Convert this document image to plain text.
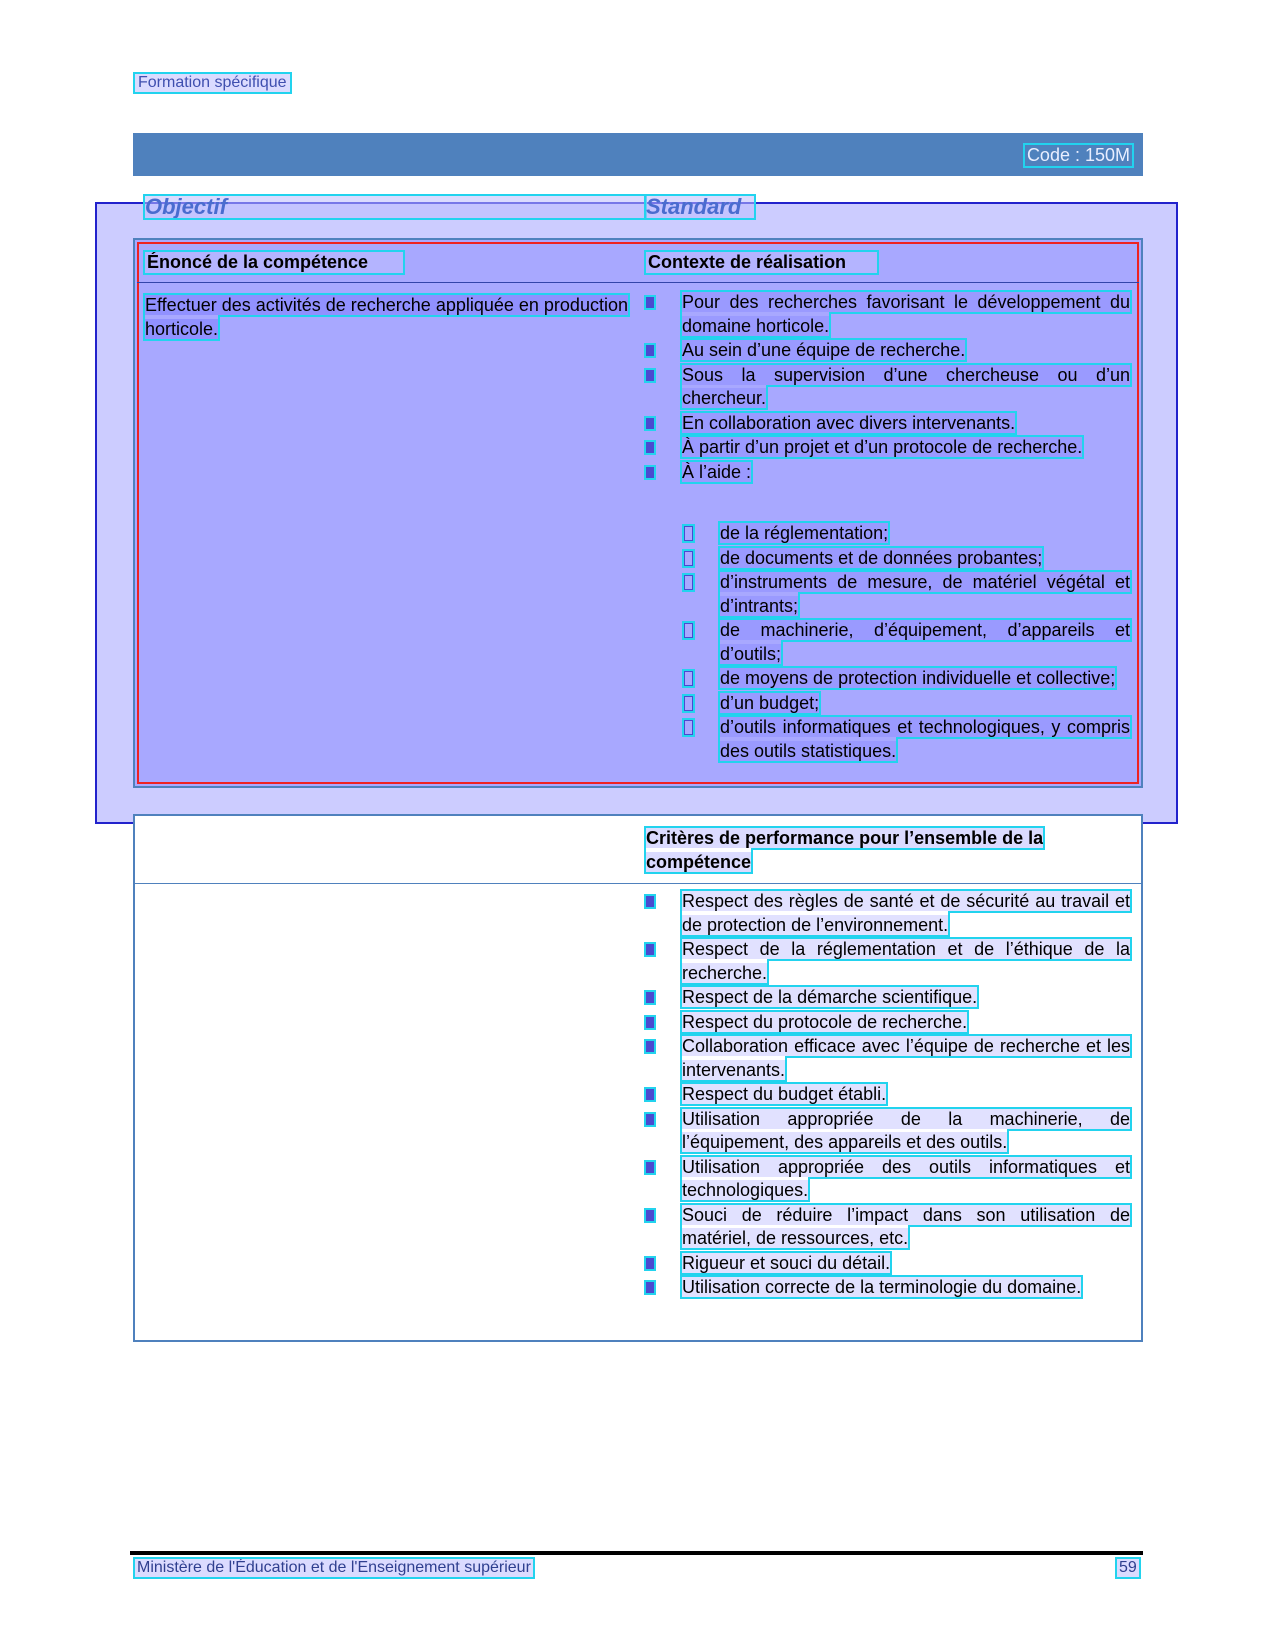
Formation spécifique
Code : 150M
Objectif	Standard
Énoncé de la compétence	Contexte de réalisation
Effectuer des activités de recherche appliquée en production horticole.
Pour des recherches favorisant le développement du domaine horticole.
Au sein d’une équipe de recherche.
Sous la supervision d’une chercheuse ou d’un chercheur.
En collaboration avec divers intervenants.
À partir d’un projet et d’un protocole de recherche.
À l’aide :
de la réglementation;
de documents et de données probantes;
d’instruments de mesure, de matériel végétal et d’intrants;
de machinerie, d’équipement, d’appareils et d’outils;
de moyens de protection individuelle et collective;
d’un budget;
d’outils informatiques et technologiques, y compris des outils statistiques.
Critères de performance pour l’ensemble de la compétence
Respect des règles de santé et de sécurité au travail et de protection de l’environnement.
Respect de la réglementation et de l’éthique de la recherche.
Respect de la démarche scientifique.
Respect du protocole de recherche.
Collaboration efficace avec l’équipe de recherche et les intervenants.
Respect du budget établi.
Utilisation appropriée de la machinerie, de l’équipement, des appareils et des outils.
Utilisation appropriée des outils informatiques et technologiques.
Souci de réduire l’impact dans son utilisation de matériel, de ressources, etc.
Rigueur et souci du détail.
Utilisation correcte de la terminologie du domaine.
Ministère de l'Éducation et de l'Enseignement supérieur	59
